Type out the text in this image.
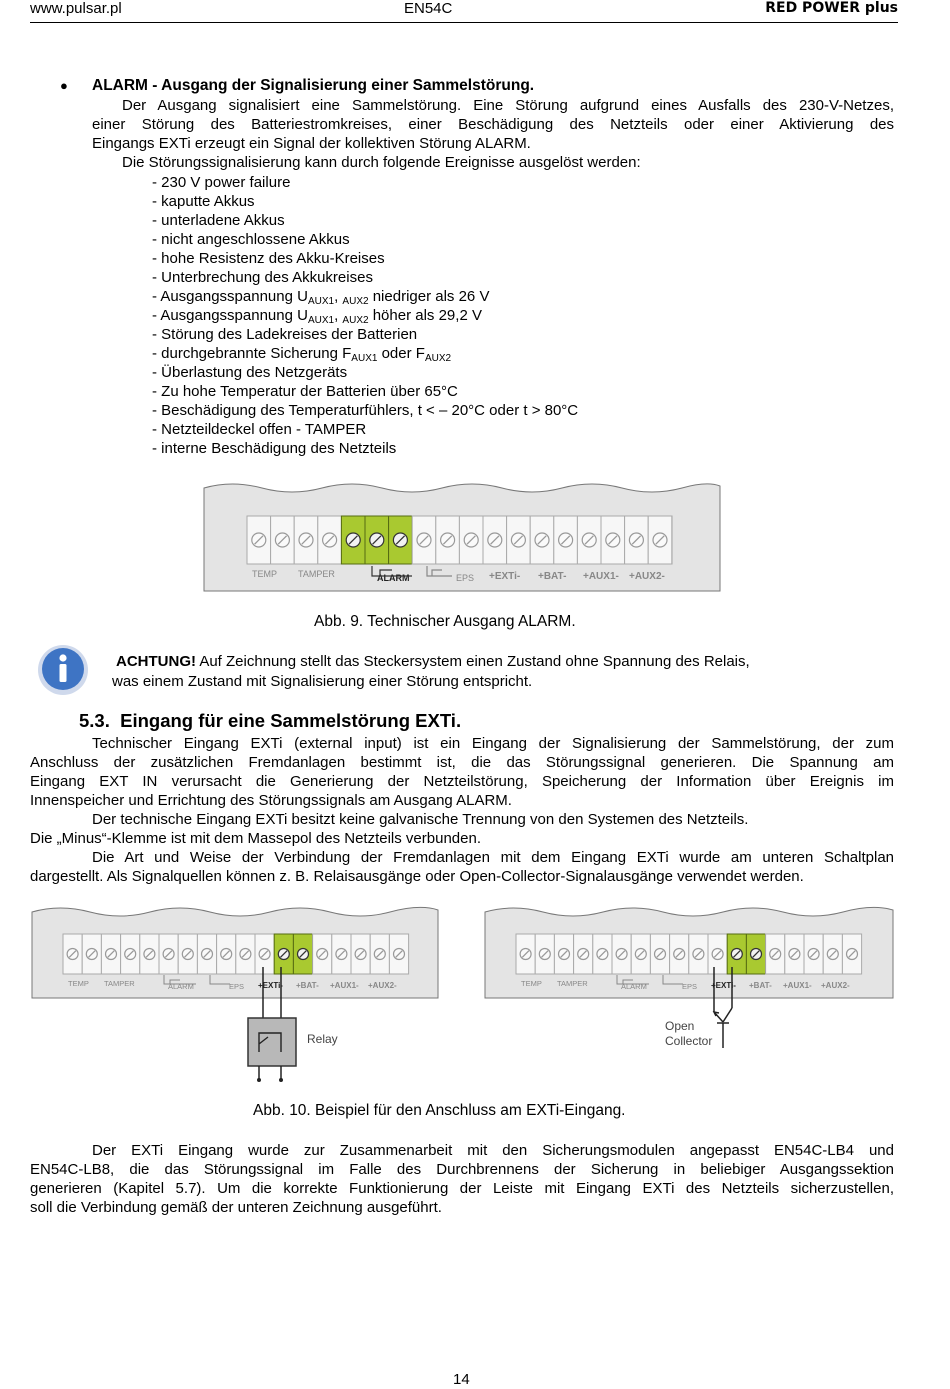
www.pulsar.pl	EN54C	RED POWER plus
● ALARM - Ausgang der Signalisierung einer Sammelstörung.
Der Ausgang signalisiert eine Sammelstörung. Eine Störung aufgrund eines Ausfalls des 230-V-Netzes,
einer Störung des Batteriestromkreises, einer Beschädigung des Netzteils oder einer Aktivierung des
Eingangs EXTi erzeugt ein Signal der kollektiven Störung ALARM.
Die Störungssignalisierung kann durch folgende Ereignisse ausgelöst werden:
- 230 V power failure
- kaputte Akkus
- unterladene Akkus
- nicht angeschlossene Akkus
- hohe Resistenz des Akku-Kreises
- Unterbrechung des Akkukreises
- Ausgangsspannung $U_{AUX1}$, $_{AUX2}$ niedriger als 26 V
- Ausgangsspannung $U_{AUX1}$, $_{AUX2}$ höher als 29,2 V
- Störung des Ladekreises der Batterien
- durchgebrannte Sicherung $F_{AUX1}$ oder $F_{AUX2}$
- Überlastung des Netzgeräts
- Zu hohe Temperatur der Batterien über 65°C
- Beschädigung des Temperaturfühlers, t < – 20°C oder t > 80°C
- Netzteildeckel offen - TAMPER
- interne Beschädigung des Netzteils
TEMP TAMPER	ALARM	EPS +EXTi- +BAT- +AUX1- +AUX2-
Abb. 9. Technischer Ausgang ALARM.
ACHTUNG! Auf Zeichnung stellt das Steckersystem einen Zustand ohne Spannung des Relais,
was einem Zustand mit Signalisierung einer Störung entspricht.
5.3. Eingang für eine Sammelstörung EXTi.
Technischer Eingang EXTi (external input) ist ein Eingang der Signalisierung der Sammelstörung, der zum
Anschluss der zusätzlichen Fremdanlagen bestimmt ist, die das Störungssignal generieren. Die Spannung am
Eingang EXT IN verursacht die Generierung der Netzteilstörung, Speicherung der Information über Ereignis im
Innenspeicher und Errichtung des Störungssignals am Ausgang ALARM.
Der technische Eingang EXTi besitzt keine galvanische Trennung von den Systemen des Netzteils.
Die „Minus“-Klemme ist mit dem Massepol des Netzteils verbunden.
Die Art und Weise der Verbindung der Fremdanlagen mit dem Eingang EXTi wurde am unteren Schaltplan
dargestellt. Als Signalquellen können z. B. Relaisausgänge oder Open-Collector-Signalausgänge verwendet werden.
TEMP TAMPER	ALARM	EPS +EXTi- +BAT- +AUX1- +AUX2-
Relay
TEMP TAMPER	ALARM	EPS +EXTi- +BAT- +AUX1- +AUX2-
Open
Collector
Abb. 10. Beispiel für den Anschluss am EXTi-Eingang.
Der EXTi Eingang wurde zur Zusammenarbeit mit den Sicherungsmodulen angepasst EN54C-LB4 und
EN54C-LB8, die das Störungssignal im Falle des Durchbrennens der Sicherung in beliebiger Ausgangssektion
generieren (Kapitel 5.7). Um die korrekte Funktionierung der Leiste mit Eingang EXTi des Netzteils sicherzustellen,
soll die Verbindung gemäß der unteren Zeichnung ausgeführt.
14
